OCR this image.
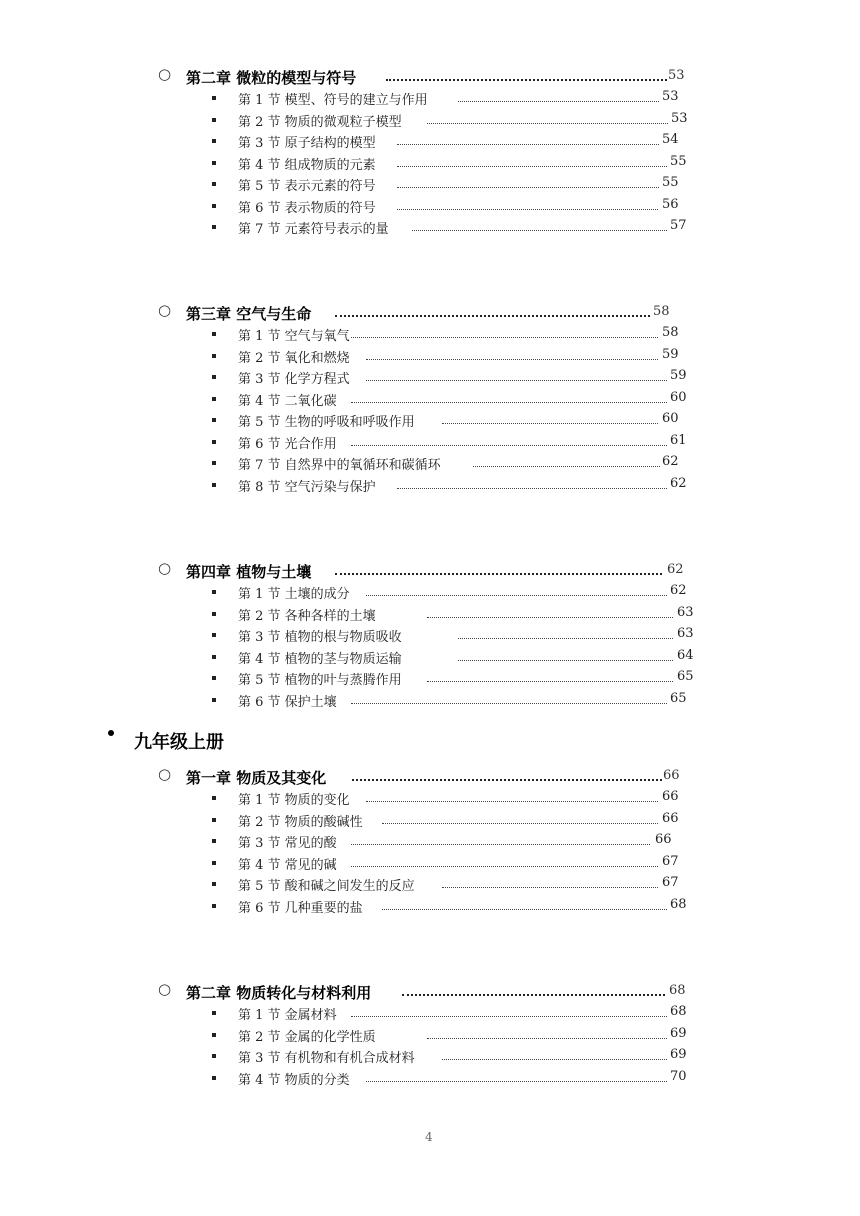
○ 第二章 微粒的模型与符号	53
第 1 节 模型、符号的建立与作用	53
第 2 节 物质的微观粒子模型	53
第 3 节 原子结构的模型	54
第 4 节 组成物质的元素	55
第 5 节 表示元素的符号	55
第 6 节 表示物质的符号	56
第 7 节 元素符号表示的量	57
○ 第三章 空气与生命	58
第 1 节 空气与氧气	58
第 2 节 氧化和燃烧	59
第 3 节 化学方程式	59
第 4 节 二氧化碳	60
第 5 节 生物的呼吸和呼吸作用	60
第 6 节 光合作用	61
第 7 节 自然界中的氧循环和碳循环	62
第 8 节 空气污染与保护	62
○ 第四章 植物与土壤	62
第 1 节 土壤的成分	62
第 2 节 各种各样的土壤	63
第 3 节 植物的根与物质吸收	63
第 4 节 植物的茎与物质运输	64
第 5 节 植物的叶与蒸腾作用	65
第 6 节 保护土壤	65
○ 第一章 物质及其变化	66
第 1 节 物质的变化	66
第 2 节 物质的酸碱性	66
第 3 节 常见的酸	66
第 4 节 常见的碱	67
第 5 节 酸和碱之间发生的反应	67
第 6 节 几种重要的盐	68
○ 第二章 物质转化与材料利用	68
第 1 节 金属材料	68
第 2 节 金属的化学性质	69
第 3 节 有机物和有机合成材料	69
第 4 节 物质的分类	70
九年级上册
4
